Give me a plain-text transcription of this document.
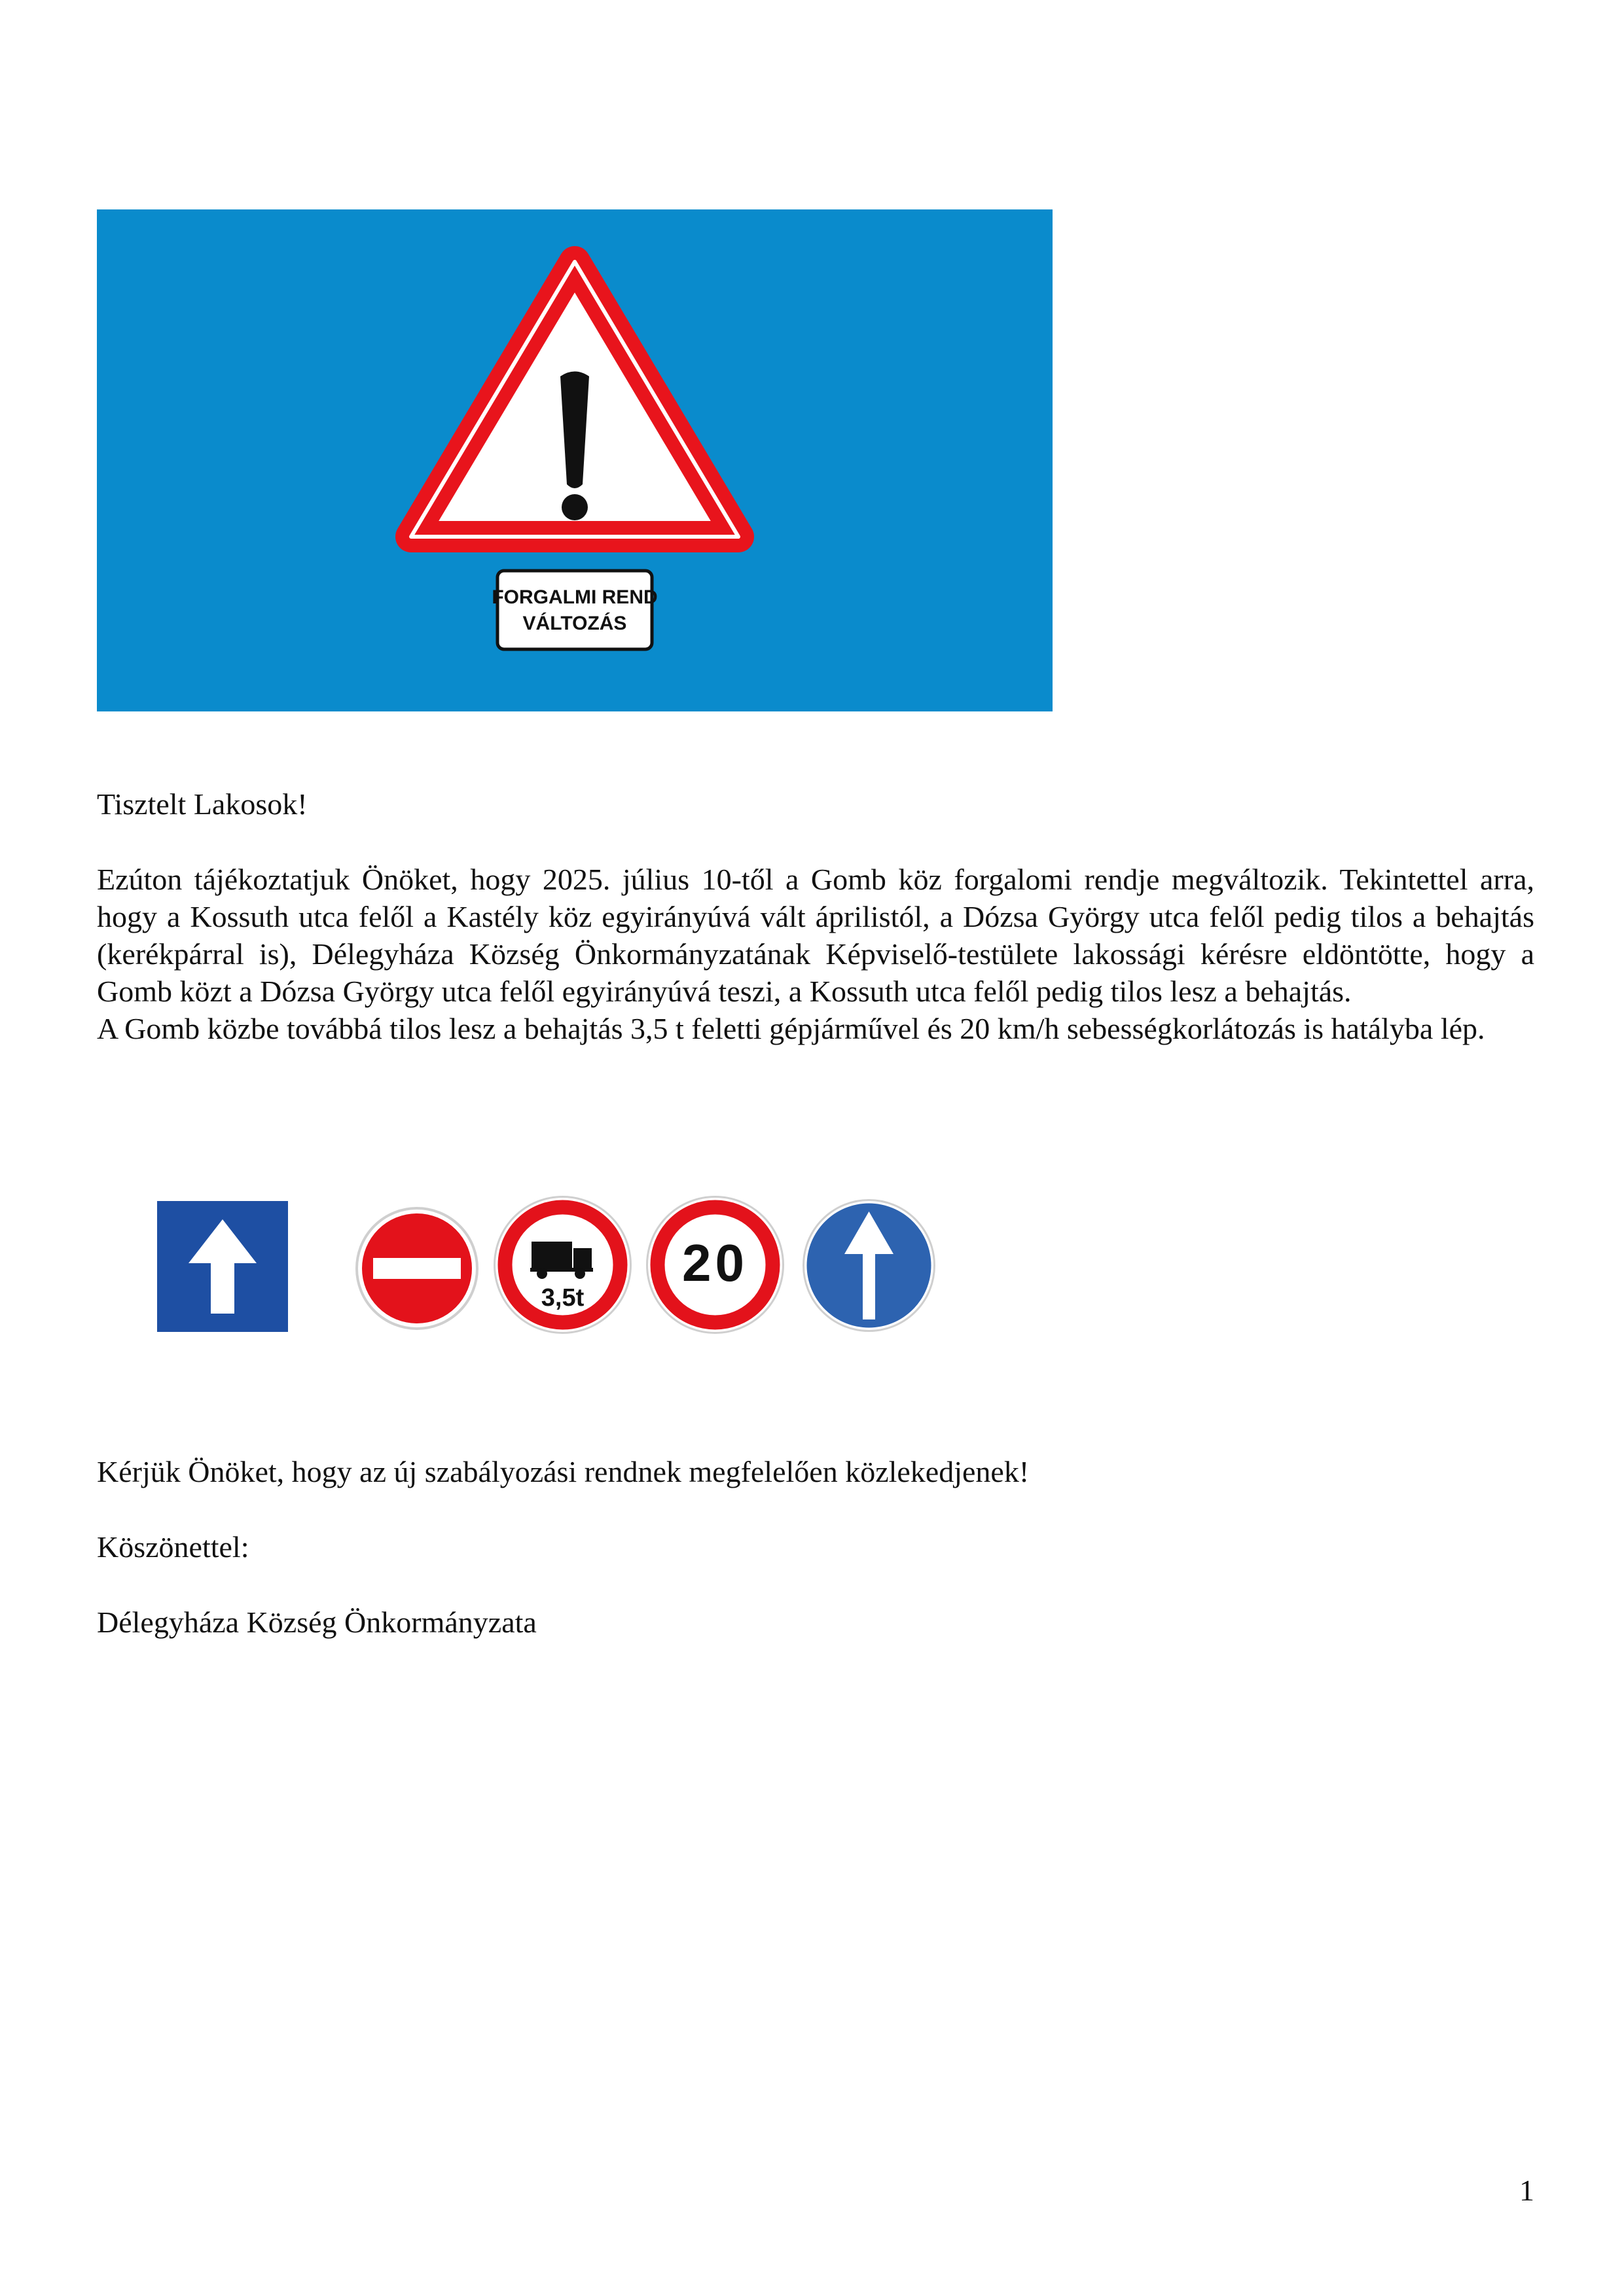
FORGALMI REND
VÁLTOZÁS
Tisztelt Lakosok!

Ezúton tájékoztatjuk Önöket, hogy 2025. július 10-től a Gomb köz forgalomi rendje megváltozik. Tekintettel arra, hogy a Kossuth utca felől a Kastély köz egyirányúvá vált áprilistól, a Dózsa György utca felől pedig tilos a behajtás (kerékpárral is), Délegyháza Község Önkormányzatának Képviselő-testülete lakossági kérésre eldöntötte, hogy a Gomb közt a Dózsa György utca felől egyirányúvá teszi, a Kossuth utca felől pedig tilos lesz a behajtás.

A Gomb közbe továbbá tilos lesz a behajtás 3,5 t feletti gépjárművel és 20 km/h sebességkorlátozás is hatályba lép.

3,5t
20
Kérjük Önöket, hogy az új szabályozási rendnek megfelelően közlekedjenek!
Köszönettel:
Délegyháza Község Önkormányzata
1
